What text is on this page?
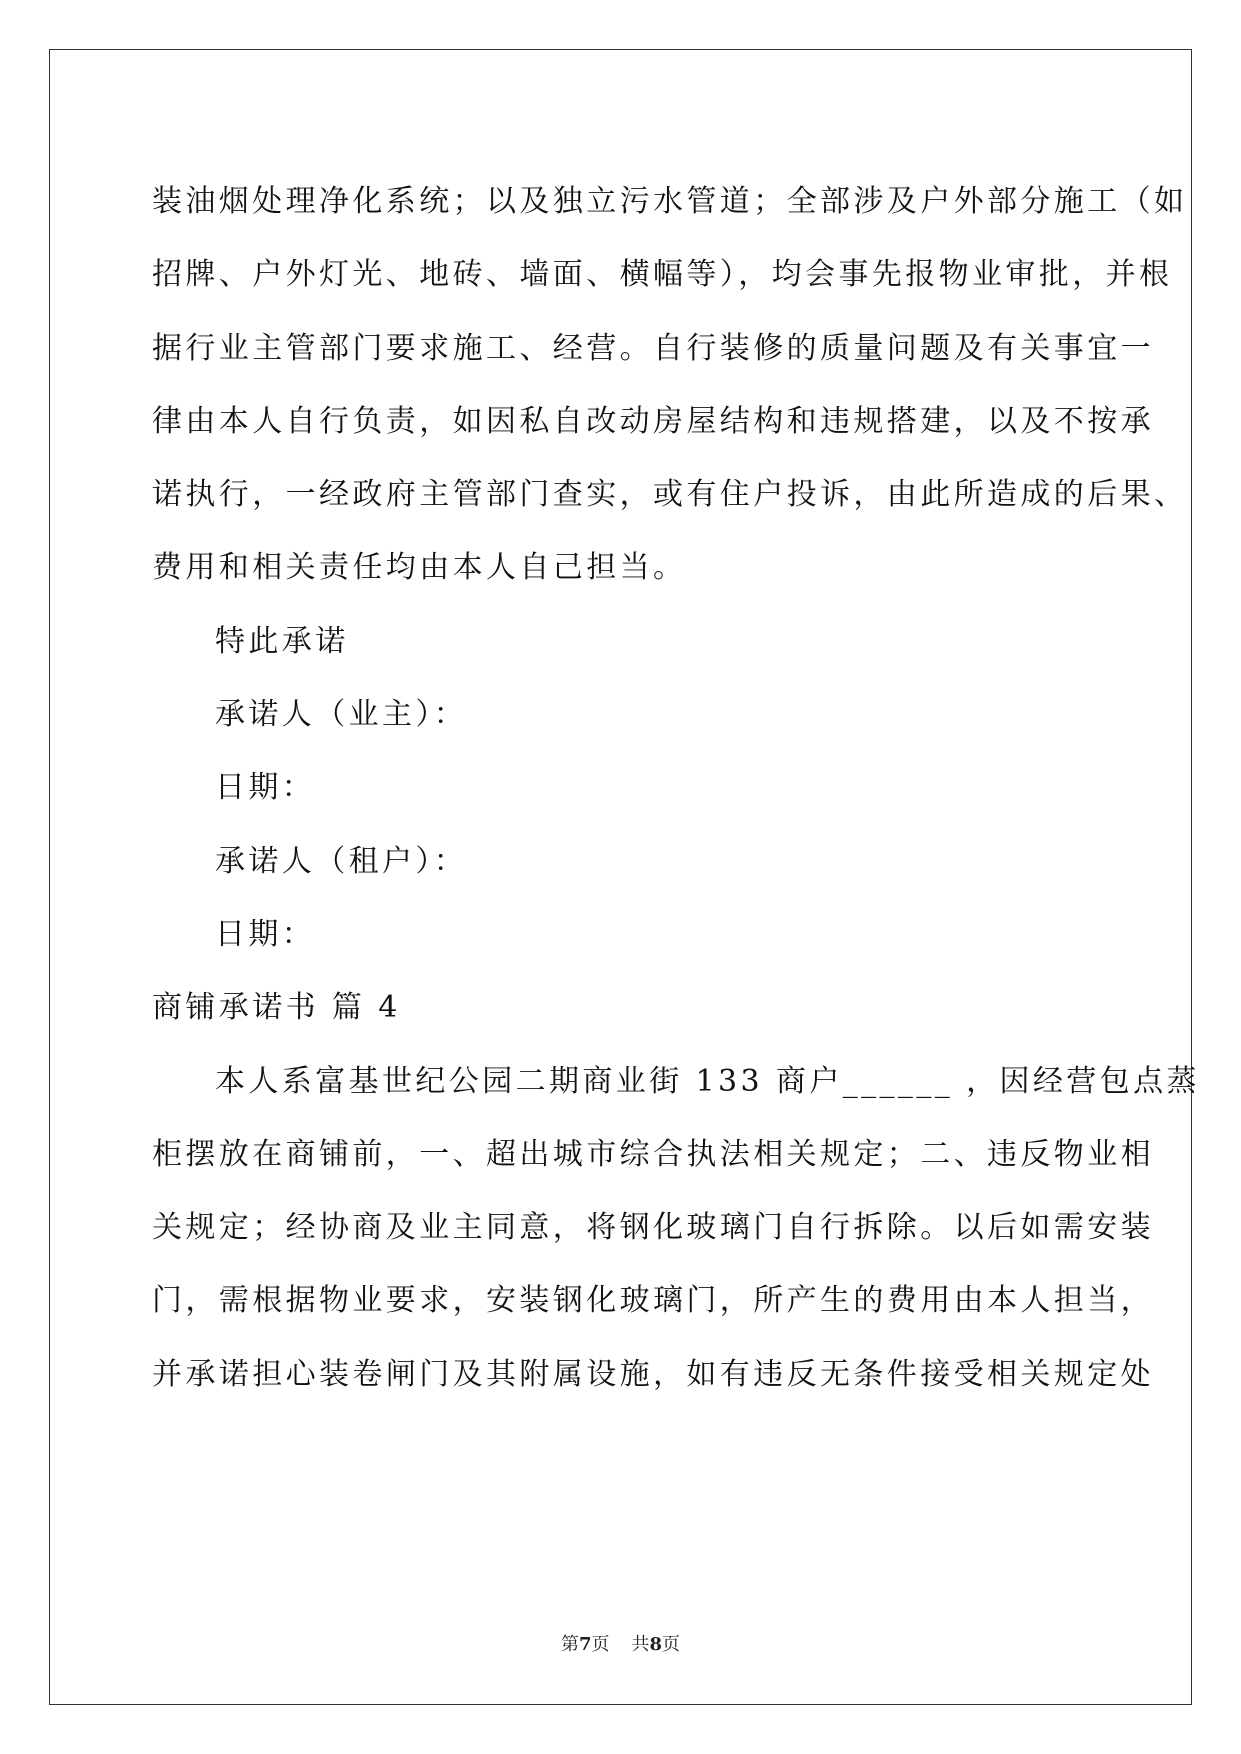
装油烟处理净化系统；以及独立污水管道；全部涉及户外部分施工（如
招牌、户外灯光、地砖、墙面、横幅等），均会事先报物业审批，并根
据行业主管部门要求施工、经营。自行装修的质量问题及有关事宜一
律由本人自行负责，如因私自改动房屋结构和违规搭建，以及不按承
诺执行，一经政府主管部门查实，或有住户投诉，由此所造成的后果、
费用和相关责任均由本人自己担当。
特此承诺
承诺人（业主）：
日期：
承诺人（租户）：
日期：
商铺承诺书 篇 4
本人系富基世纪公园二期商业街 133 商户______ ，因经营包点蒸
柜摆放在商铺前，一、超出城市综合执法相关规定；二、违反物业相
关规定；经协商及业主同意，将钢化玻璃门自行拆除。以后如需安装
门，需根据物业要求，安装钢化玻璃门，所产生的费用由本人担当，
并承诺担心装卷闸门及其附属设施，如有违反无条件接受相关规定处
第7页 共8页
